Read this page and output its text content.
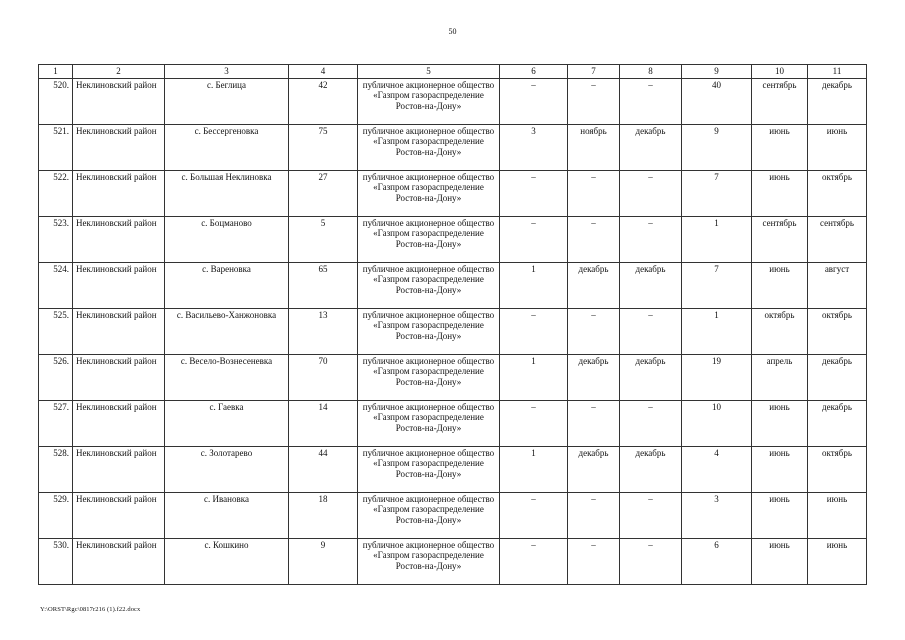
50
1	2	3	4	5	6	7	8	9	10	11
520.	Неклиновский район	с. Беглица	42	публичное акционерное общество «Газпром газораспределение Ростов-на-Дону»	–	–	–	40	сентябрь	декабрь
521.	Неклиновский район	с. Бессергеновка	75	публичное акционерное общество «Газпром газораспределение Ростов-на-Дону»	3	ноябрь	декабрь	9	июнь	июнь
522.	Неклиновский район	с. Большая Неклиновка	27	публичное акционерное общество «Газпром газораспределение Ростов-на-Дону»	–	–	–	7	июнь	октябрь
523.	Неклиновский район	с. Боцманово	5	публичное акционерное общество «Газпром газораспределение Ростов-на-Дону»	–	–	–	1	сентябрь	сентябрь
524.	Неклиновский район	с. Вареновка	65	публичное акционерное общество «Газпром газораспределение Ростов-на-Дону»	1	декабрь	декабрь	7	июнь	август
525.	Неклиновский район	с. Васильево-Ханжоновка	13	публичное акционерное общество «Газпром газораспределение Ростов-на-Дону»	–	–	–	1	октябрь	октябрь
526.	Неклиновский район	с. Весело-Вознесеневка	70	публичное акционерное общество «Газпром газораспределение Ростов-на-Дону»	1	декабрь	декабрь	19	апрель	декабрь
527.	Неклиновский район	с. Гаевка	14	публичное акционерное общество «Газпром газораспределение Ростов-на-Дону»	–	–	–	10	июнь	декабрь
528.	Неклиновский район	с. Золотарево	44	публичное акционерное общество «Газпром газораспределение Ростов-на-Дону»	1	декабрь	декабрь	4	июнь	октябрь
529.	Неклиновский район	с. Ивановка	18	публичное акционерное общество «Газпром газораспределение Ростов-на-Дону»	–	–	–	3	июнь	июнь
530.	Неклиновский район	с. Кошкино	9	публичное акционерное общество «Газпром газораспределение Ростов-на-Дону»	–	–	–	6	июнь	июнь
Y:\ORST\Rgc\0817r216 (1).f22.docx
